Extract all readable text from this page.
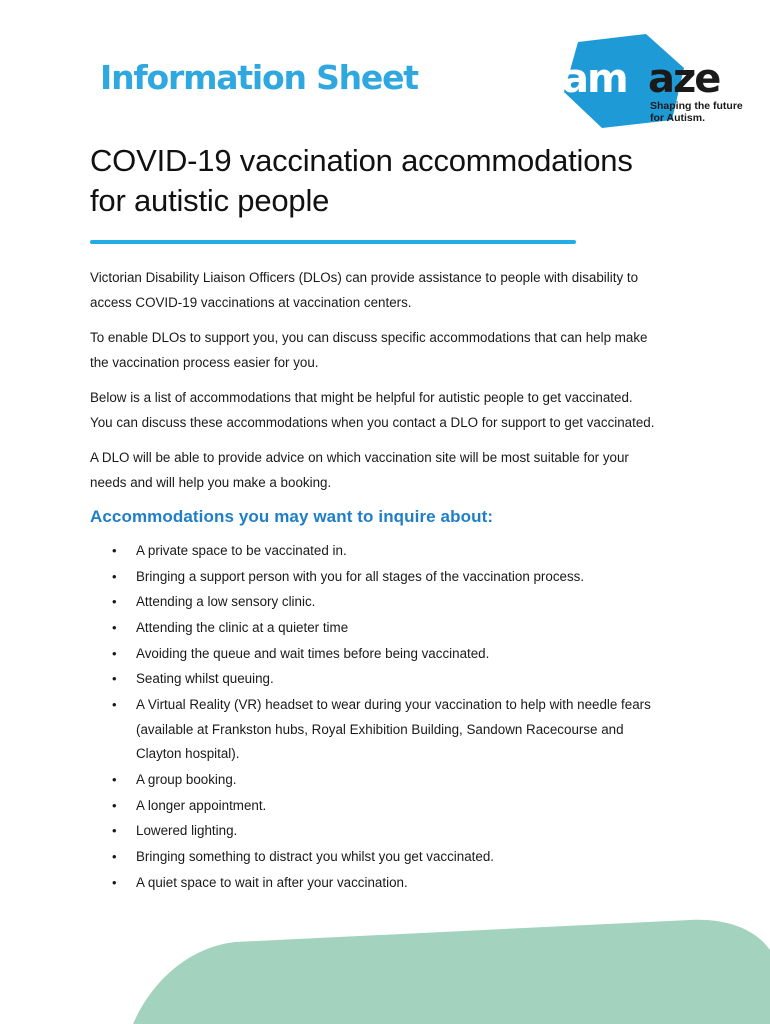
Information Sheet	am aze
Shaping the future
for Autism.
COVID-19 vaccination accommodations
for autistic people

Victorian Disability Liaison Officers (DLOs) can provide assistance to people with disability to
access COVID-19 vaccinations at vaccination centers.

To enable DLOs to support you, you can discuss specific accommodations that can help make
the vaccination process easier for you.

Below is a list of accommodations that might be helpful for autistic people to get vaccinated.
You can discuss these accommodations when you contact a DLO for support to get vaccinated.

A DLO will be able to provide advice on which vaccination site will be most suitable for your
needs and will help you make a booking.

Accommodations you may want to inquire about:
• A private space to be vaccinated in.
• Bringing a support person with you for all stages of the vaccination process.
• Attending a low sensory clinic.
• Attending the clinic at a quieter time
• Avoiding the queue and wait times before being vaccinated.
• Seating whilst queuing.
• A Virtual Reality (VR) headset to wear during your vaccination to help with needle fears
(available at Frankston hubs, Royal Exhibition Building, Sandown Racecourse and
Clayton hospital).
• A group booking.
• A longer appointment.
• Lowered lighting.
• Bringing something to distract you whilst you get vaccinated.
• A quiet space to wait in after your vaccination.
